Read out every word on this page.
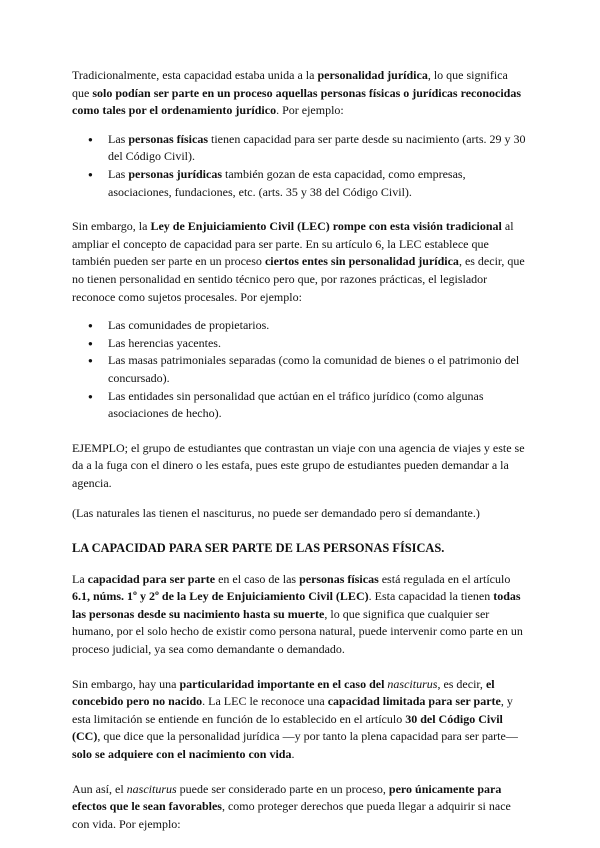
Tradicionalmente, esta capacidad estaba unida a la personalidad jurídica, lo que significa que solo podían ser parte en un proceso aquellas personas físicas o jurídicas reconocidas como tales por el ordenamiento jurídico. Por ejemplo:

● Las personas físicas tienen capacidad para ser parte desde su nacimiento (arts. 29 y 30 del Código Civil).
● Las personas jurídicas también gozan de esta capacidad, como empresas, asociaciones, fundaciones, etc. (arts. 35 y 38 del Código Civil).

Sin embargo, la Ley de Enjuiciamiento Civil (LEC) rompe con esta visión tradicional al ampliar el concepto de capacidad para ser parte. En su artículo 6, la LEC establece que también pueden ser parte en un proceso ciertos entes sin personalidad jurídica, es decir, que no tienen personalidad en sentido técnico pero que, por razones prácticas, el legislador reconoce como sujetos procesales. Por ejemplo:

● Las comunidades de propietarios.
● Las herencias yacentes.
● Las masas patrimoniales separadas (como la comunidad de bienes o el patrimonio del concursado).
● Las entidades sin personalidad que actúan en el tráfico jurídico (como algunas asociaciones de hecho).

EJEMPLO; el grupo de estudiantes que contrastan un viaje con una agencia de viajes y este se da a la fuga con el dinero o les estafa, pues este grupo de estudiantes pueden demandar a la agencia.

(Las naturales las tienen el nasciturus, no puede ser demandado pero sí demandante.)

LA CAPACIDAD PARA SER PARTE DE LAS PERSONAS FÍSICAS.

La capacidad para ser parte en el caso de las personas físicas está regulada en el artículo 6.1, núms. 1º y 2º de la Ley de Enjuiciamiento Civil (LEC). Esta capacidad la tienen todas las personas desde su nacimiento hasta su muerte, lo que significa que cualquier ser humano, por el solo hecho de existir como persona natural, puede intervenir como parte en un proceso judicial, ya sea como demandante o demandado.

Sin embargo, hay una particularidad importante en el caso del nasciturus, es decir, el concebido pero no nacido. La LEC le reconoce una capacidad limitada para ser parte, y esta limitación se entiende en función de lo establecido en el artículo 30 del Código Civil (CC), que dice que la personalidad jurídica —y por tanto la plena capacidad para ser parte— solo se adquiere con el nacimiento con vida.

Aun así, el nasciturus puede ser considerado parte en un proceso, pero únicamente para efectos que le sean favorables, como proteger derechos que pueda llegar a adquirir si nace con vida. Por ejemplo:
